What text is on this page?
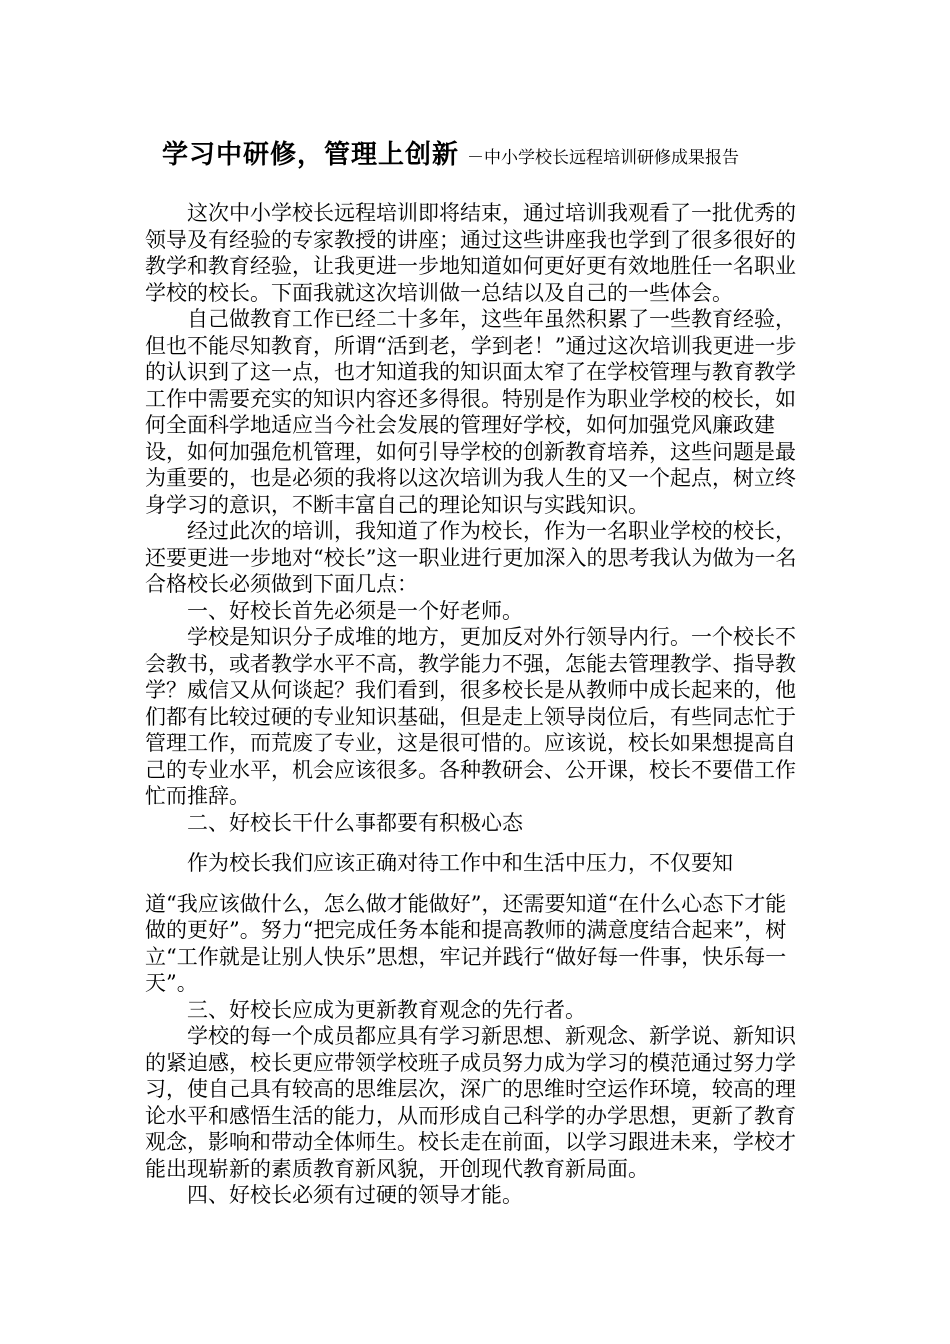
学习中研修，管理上创新 －中小学校长远程培训研修成果报告

这次中小学校长远程培训即将结束，通过培训我观看了一批优秀的领导及有经验的专家教授的讲座；通过这些讲座我也学到了很多很好的教学和教育经验，让我更进一步地知道如何更好更有效地胜任一名职业学校的校长。下面我就这次培训做一总结以及自己的一些体会。

自己做教育工作已经二十多年，这些年虽然积累了一些教育经验，但也不能尽知教育，所谓“活到老，学到老！”通过这次培训我更进一步的认识到了这一点，也才知道我的知识面太窄了在学校管理与教育教学工作中需要充实的知识内容还多得很。特别是作为职业学校的校长，如何全面科学地适应当今社会发展的管理好学校，如何加强党风廉政建设，如何加强危机管理，如何引导学校的创新教育培养，这些问题是最为重要的，也是必须的我将以这次培训为我人生的又一个起点，树立终身学习的意识，不断丰富自己的理论知识与实践知识。

经过此次的培训，我知道了作为校长，作为一名职业学校的校长，还要更进一步地对“校长”这一职业进行更加深入的思考我认为做为一名合格校长必须做到下面几点：

一、好校长首先必须是一个好老师。

学校是知识分子成堆的地方，更加反对外行领导内行。一个校长不会教书，或者教学水平不高，教学能力不强，怎能去管理教学、指导教学？威信又从何谈起？我们看到，很多校长是从教师中成长起来的，他们都有比较过硬的专业知识基础，但是走上领导岗位后，有些同志忙于管理工作，而荒废了专业，这是很可惜的。应该说，校长如果想提高自己的专业水平，机会应该很多。各种教研会、公开课，校长不要借工作忙而推辞。

二、好校长干什么事都要有积极心态

作为校长我们应该正确对待工作中和生活中压力，不仅要知

道“我应该做什么，怎么做才能做好”，还需要知道“在什么心态下才能做的更好”。努力“把完成任务本能和提高教师的满意度结合起来”，树立“工作就是让别人快乐”思想，牢记并践行“做好每一件事，快乐每一天”。

三、好校长应成为更新教育观念的先行者。

学校的每一个成员都应具有学习新思想、新观念、新学说、新知识的紧迫感，校长更应带领学校班子成员努力成为学习的模范通过努力学习，使自己具有较高的思维层次，深广的思维时空运作环境，较高的理论水平和感悟生活的能力，从而形成自己科学的办学思想，更新了教育观念，影响和带动全体师生。校长走在前面，以学习跟进未来，学校才能出现崭新的素质教育新风貌，开创现代教育新局面。

四、好校长必须有过硬的领导才能。
